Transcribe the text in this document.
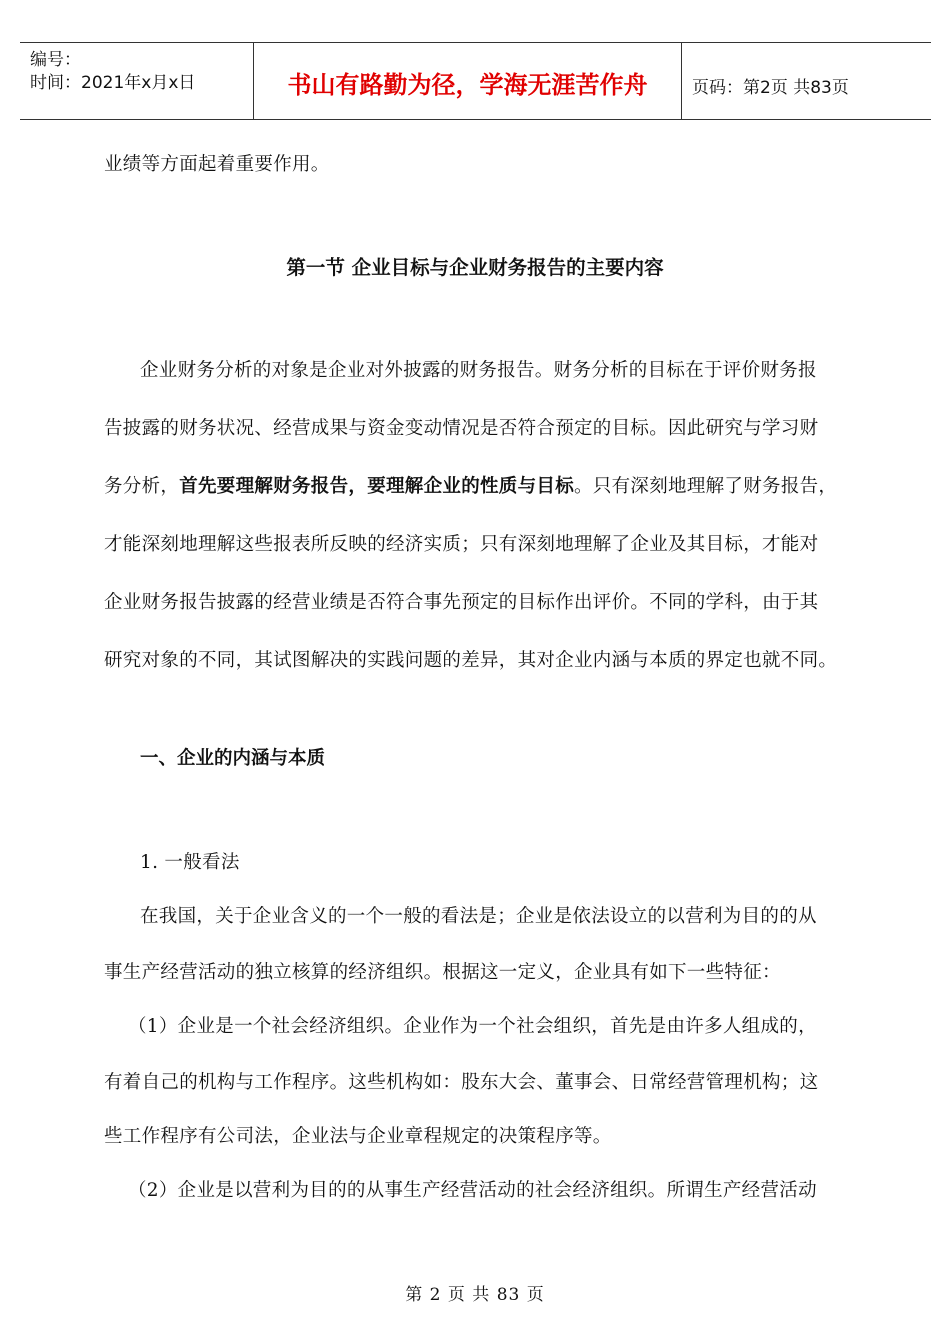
编号：
时间：2021年x月x日	书山有路勤为径，学海无涯苦作舟	页码：第2页 共83页
业绩等方面起着重要作用。
第一节 企业目标与企业财务报告的主要内容
企业财务分析的对象是企业对外披露的财务报告。财务分析的目标在于评价财务报
告披露的财务状况、经营成果与资金变动情况是否符合预定的目标。因此研究与学习财
务分析，首先要理解财务报告，要理解企业的性质与目标。只有深刻地理解了财务报告，
才能深刻地理解这些报表所反映的经济实质；只有深刻地理解了企业及其目标，才能对
企业财务报告披露的经营业绩是否符合事先预定的目标作出评价。不同的学科，由于其
研究对象的不同，其试图解决的实践问题的差异，其对企业内涵与本质的界定也就不同。
一、企业的内涵与本质
1. 一般看法
在我国，关于企业含义的一个一般的看法是；企业是依法设立的以营利为目的的从
事生产经营活动的独立核算的经济组织。根据这一定义，企业具有如下一些特征：
（1）企业是一个社会经济组织。企业作为一个社会组织，首先是由许多人组成的，
有着自己的机构与工作程序。这些机构如：股东大会、董事会、日常经营管理机构；这
些工作程序有公司法，企业法与企业章程规定的决策程序等。
（2）企业是以营利为目的的从事生产经营活动的社会经济组织。所谓生产经营活动
第 2 页 共 83 页
